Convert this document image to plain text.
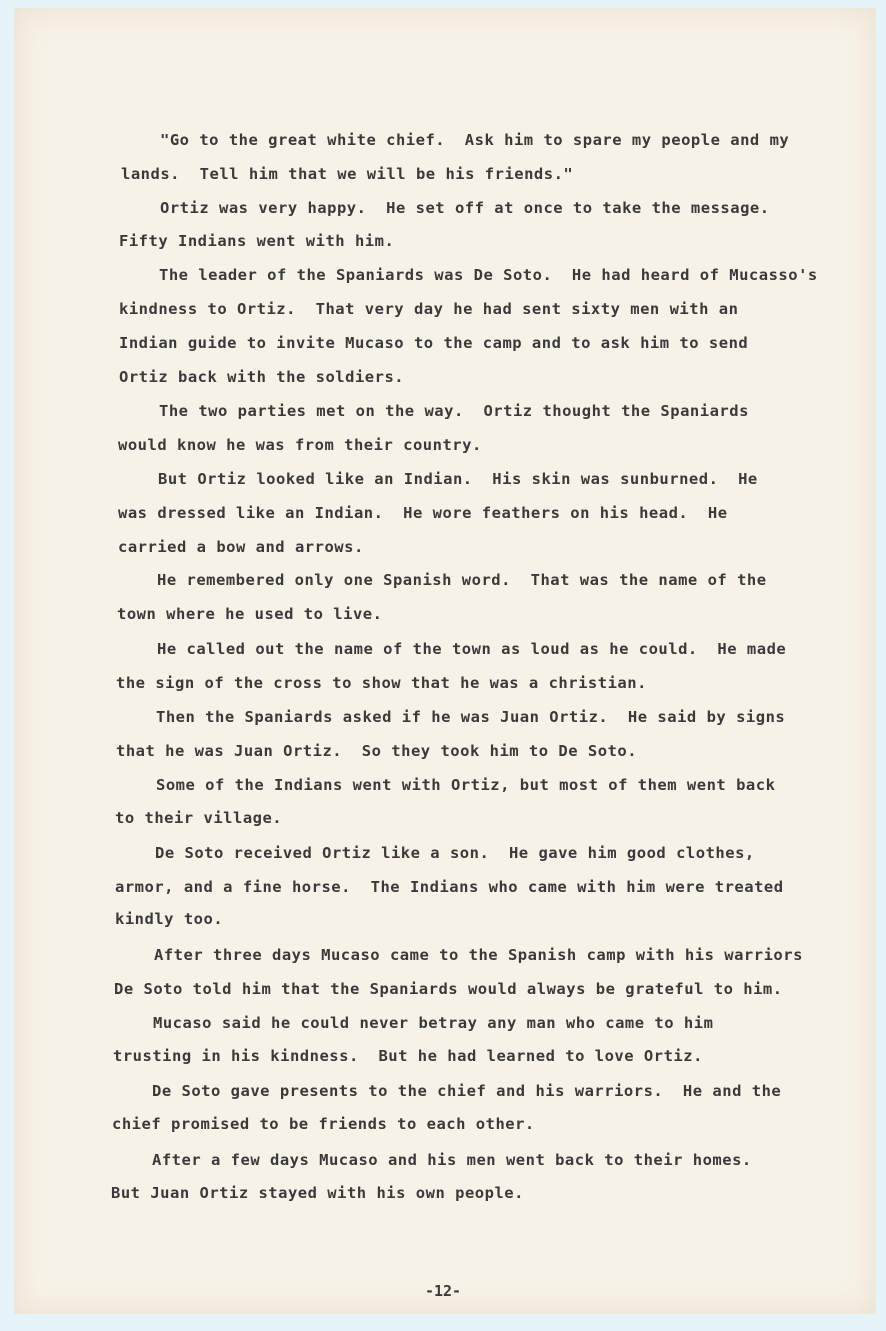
"Go to the great white chief.  Ask him to spare my people and my

lands.  Tell him that we will be his friends."

Ortiz was very happy.  He set off at once to take the message.

Fifty Indians went with him.

The leader of the Spaniards was De Soto.  He had heard of Mucasso's

kindness to Ortiz.  That very day he had sent sixty men with an

Indian guide to invite Mucaso to the camp and to ask him to send

Ortiz back with the soldiers.

The two parties met on the way.  Ortiz thought the Spaniards

would know he was from their country.

But Ortiz looked like an Indian.  His skin was sunburned.  He

was dressed like an Indian.  He wore feathers on his head.  He

carried a bow and arrows.

He remembered only one Spanish word.  That was the name of the

town where he used to live.

He called out the name of the town as loud as he could.  He made

the sign of the cross to show that he was a christian.

Then the Spaniards asked if he was Juan Ortiz.  He said by signs

that he was Juan Ortiz.  So they took him to De Soto.

Some of the Indians went with Ortiz, but most of them went back

to their village.

De Soto received Ortiz like a son.  He gave him good clothes,

armor, and a fine horse.  The Indians who came with him were treated

kindly too.

After three days Mucaso came to the Spanish camp with his warriors

De Soto told him that the Spaniards would always be grateful to him.

Mucaso said he could never betray any man who came to him

trusting in his kindness.  But he had learned to love Ortiz.

De Soto gave presents to the chief and his warriors.  He and the

chief promised to be friends to each other.

After a few days Mucaso and his men went back to their homes.

But Juan Ortiz stayed with his own people.

-12-
